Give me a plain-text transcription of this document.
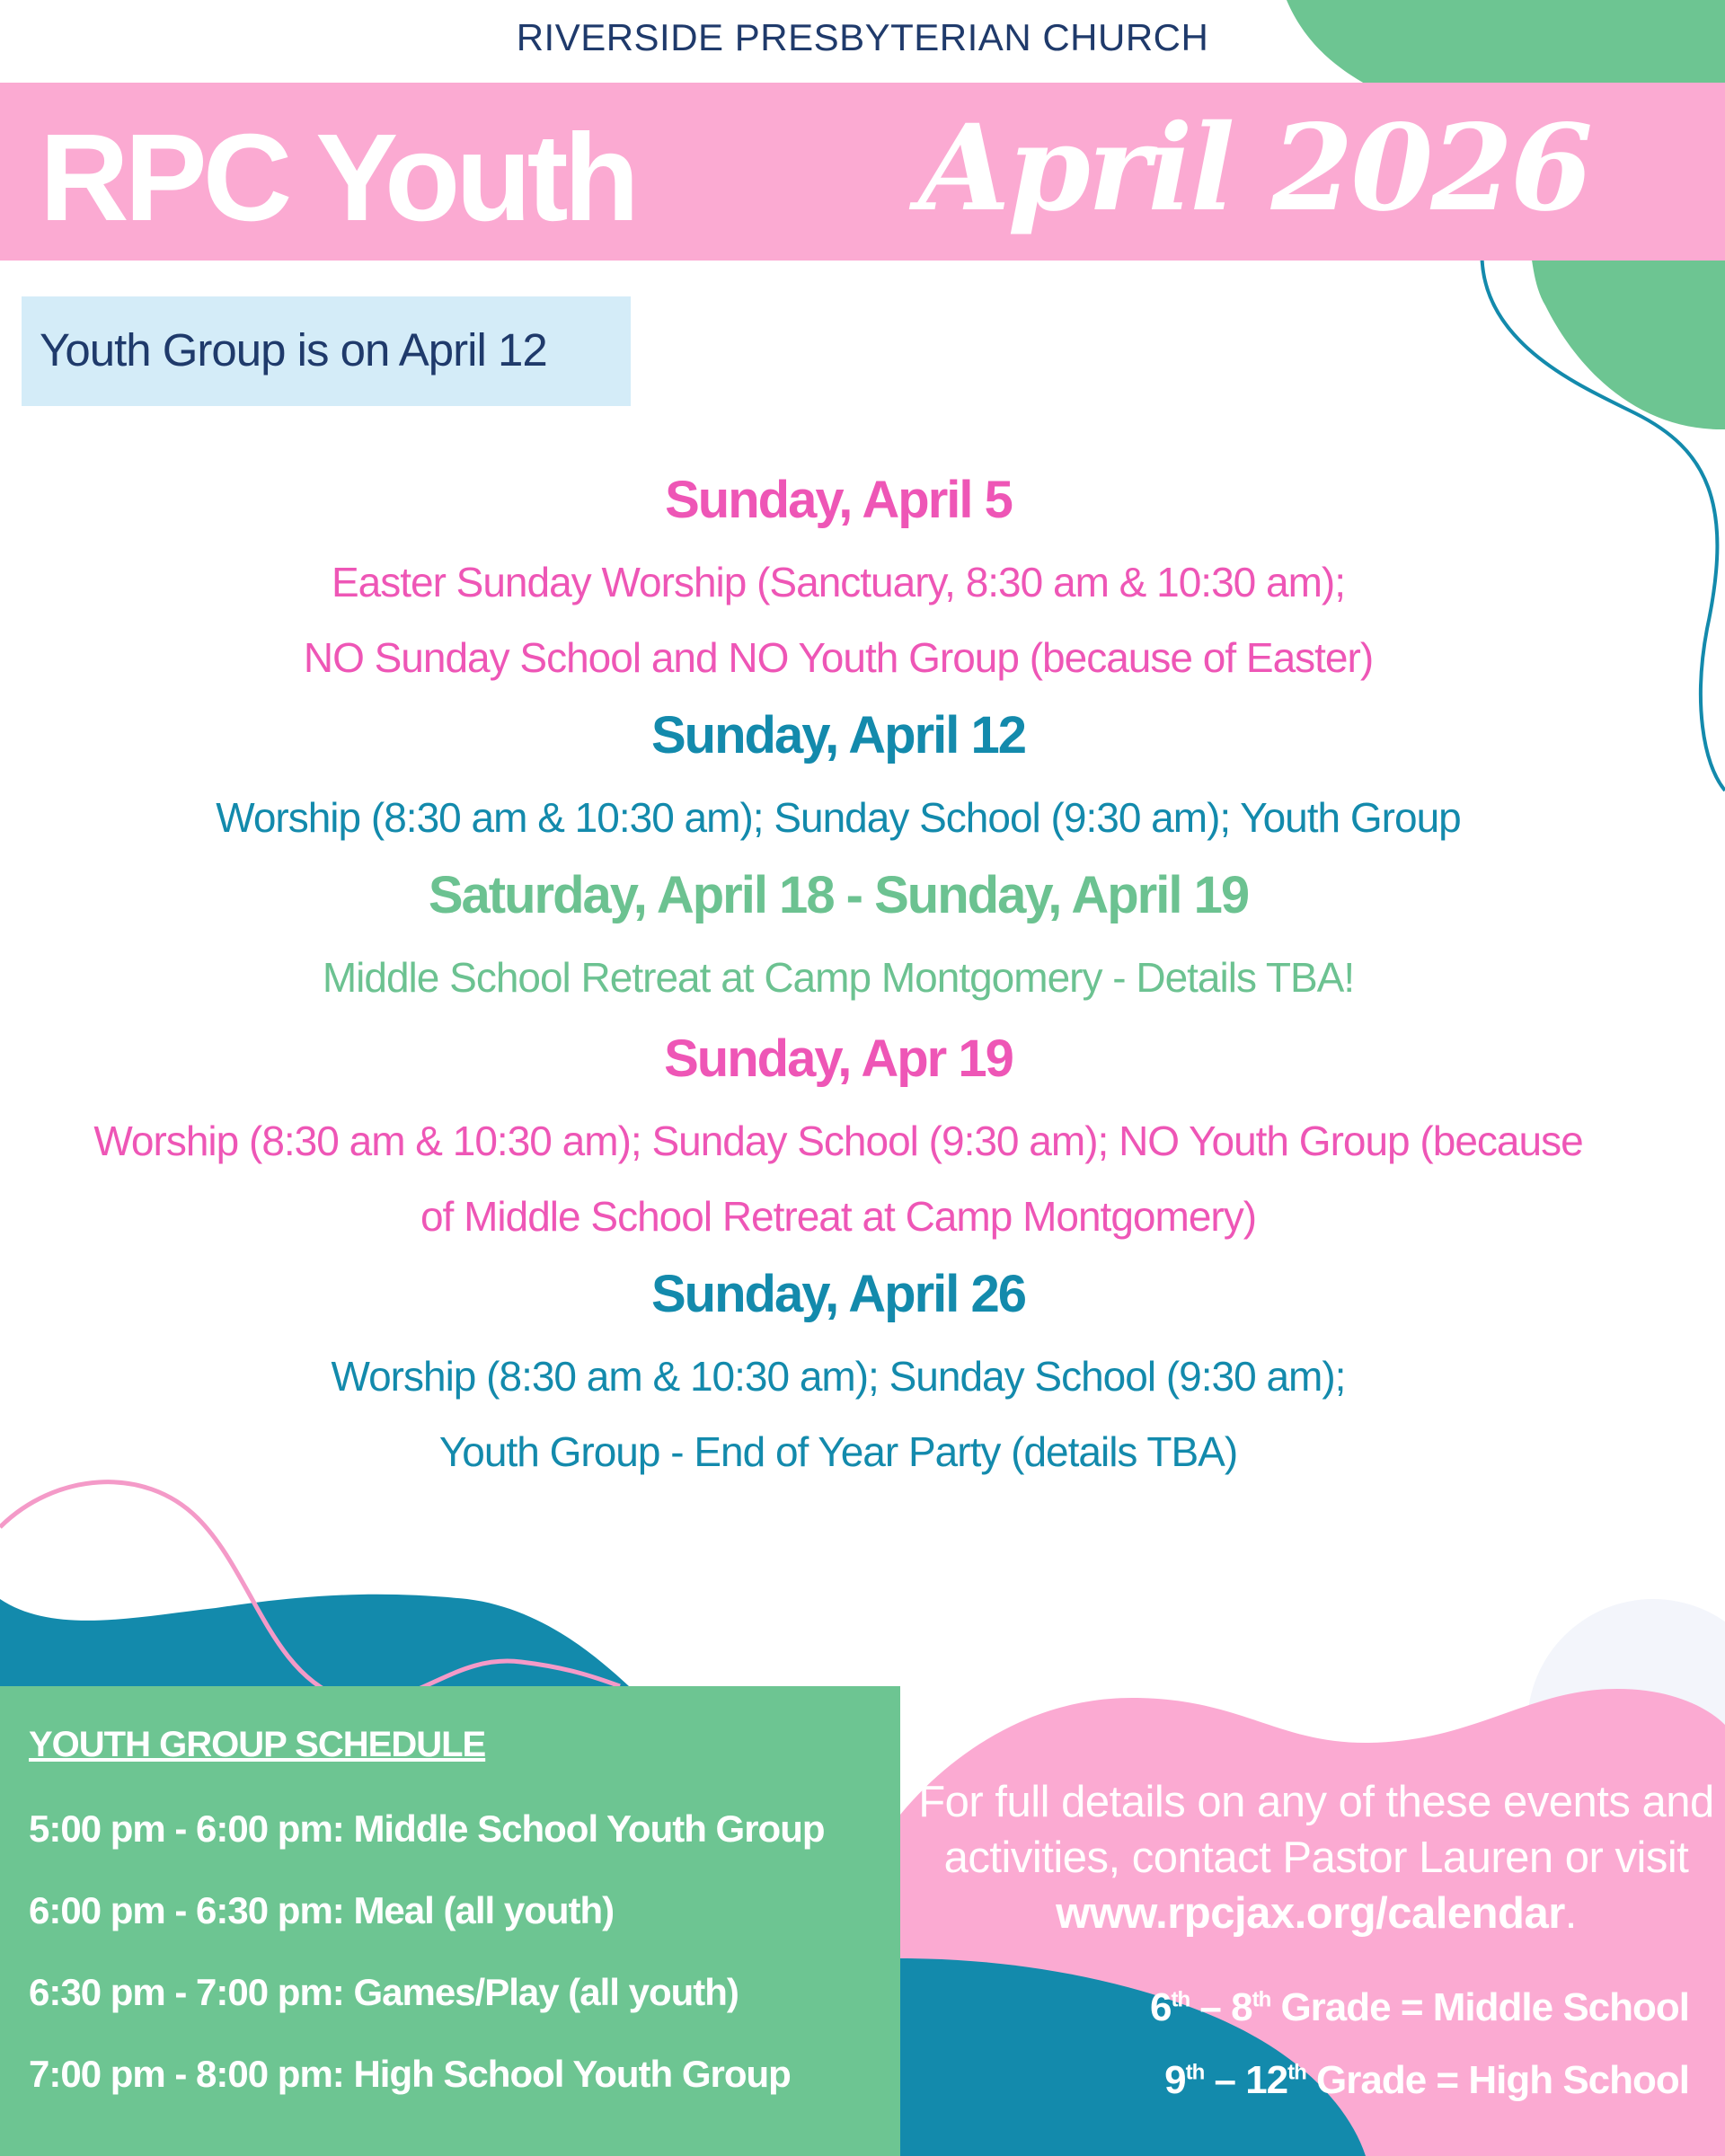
RIVERSIDE PRESBYTERIAN CHURCH
RPC Youth April 2026
Youth Group is on April 12
Sunday, April 5
Easter Sunday Worship (Sanctuary, 8:30 am & 10:30 am);
NO Sunday School and NO Youth Group (because of Easter)
Sunday, April 12
Worship (8:30 am & 10:30 am); Sunday School (9:30 am); Youth Group
Saturday, April 18 - Sunday, April 19
Middle School Retreat at Camp Montgomery - Details TBA!
Sunday, Apr 19
Worship (8:30 am & 10:30 am); Sunday School (9:30 am); NO Youth Group (because
of Middle School Retreat at Camp Montgomery)
Sunday, April 26
Worship (8:30 am & 10:30 am); Sunday School (9:30 am);
Youth Group - End of Year Party (details TBA)
YOUTH GROUP SCHEDULE
5:00 pm - 6:00 pm: Middle School Youth Group
6:00 pm - 6:30 pm: Meal (all youth)
6:30 pm - 7:00 pm: Games/Play (all youth)
7:00 pm - 8:00 pm: High School Youth Group
For full details on any of these events and activities, contact Pastor Lauren or visit www.rpcjax.org/calendar.
6th – 8th Grade = Middle School
9th – 12th Grade = High School
